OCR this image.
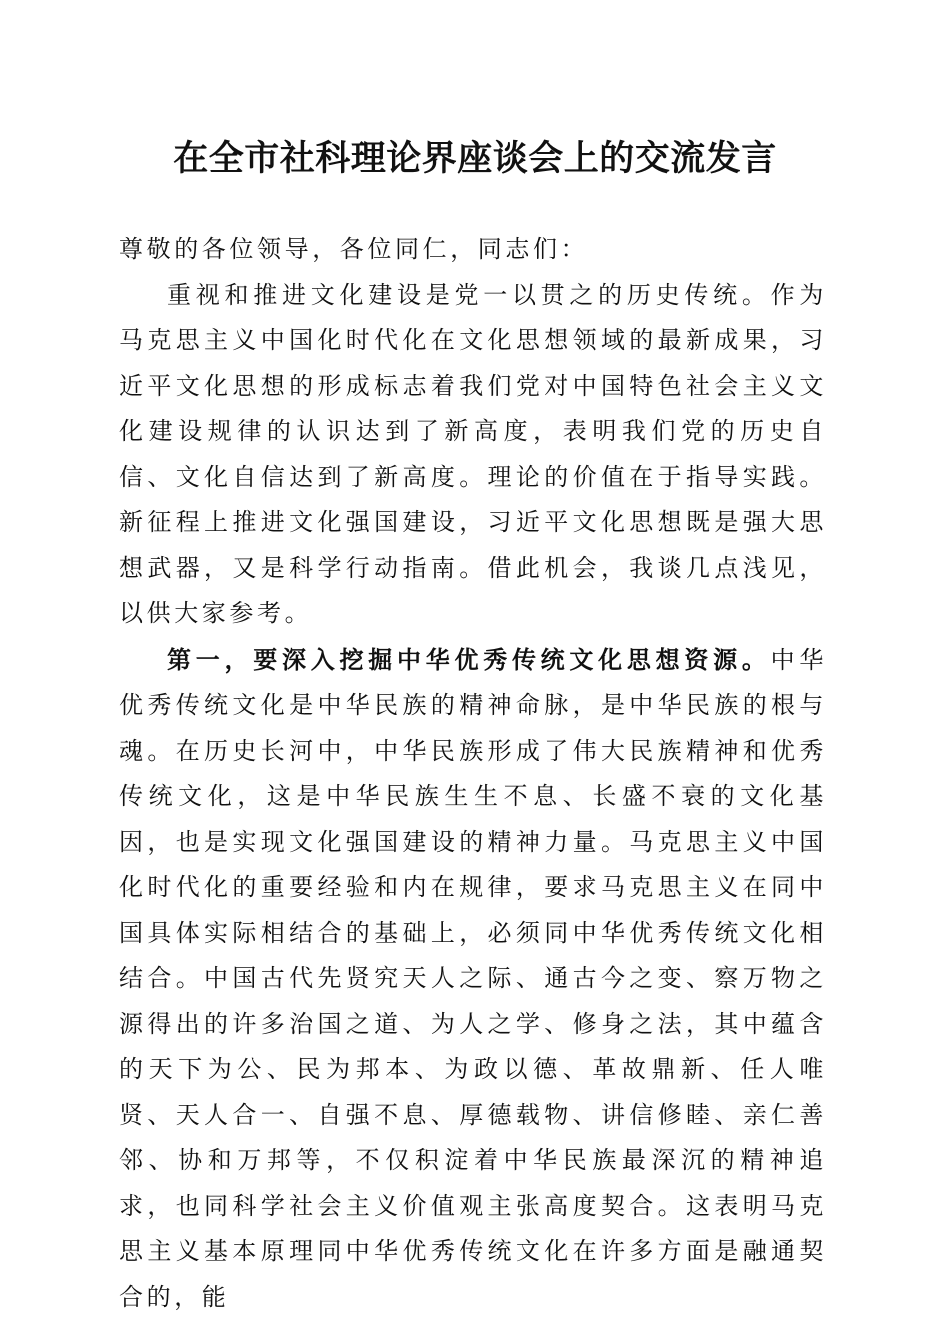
在全市社科理论界座谈会上的交流发言

尊敬的各位领导，各位同仁，同志们：

重视和推进文化建设是党一以贯之的历史传统。作为马克思主义中国化时代化在文化思想领域的最新成果，习近平文化思想的形成标志着我们党对中国特色社会主义文化建设规律的认识达到了新高度，表明我们党的历史自信、文化自信达到了新高度。理论的价值在于指导实践。新征程上推进文化强国建设，习近平文化思想既是强大思想武器，又是科学行动指南。借此机会，我谈几点浅见，以供大家参考。

第一，要深入挖掘中华优秀传统文化思想资源。中华优秀传统文化是中华民族的精神命脉，是中华民族的根与魂。在历史长河中，中华民族形成了伟大民族精神和优秀传统文化，这是中华民族生生不息、长盛不衰的文化基因，也是实现文化强国建设的精神力量。马克思主义中国化时代化的重要经验和内在规律，要求马克思主义在同中国具体实际相结合的基础上，必须同中华优秀传统文化相结合。中国古代先贤究天人之际、通古今之变、察万物之源得出的许多治国之道、为人之学、修身之法，其中蕴含的天下为公、民为邦本、为政以德、革故鼎新、任人唯贤、天人合一、自强不息、厚德载物、讲信修睦、亲仁善邻、协和万邦等，不仅积淀着中华民族最深沉的精神追求，也同科学社会主义价值观主张高度契合。这表明马克思主义基本原理同中华优秀传统文化在许多方面是融通契合的，能
